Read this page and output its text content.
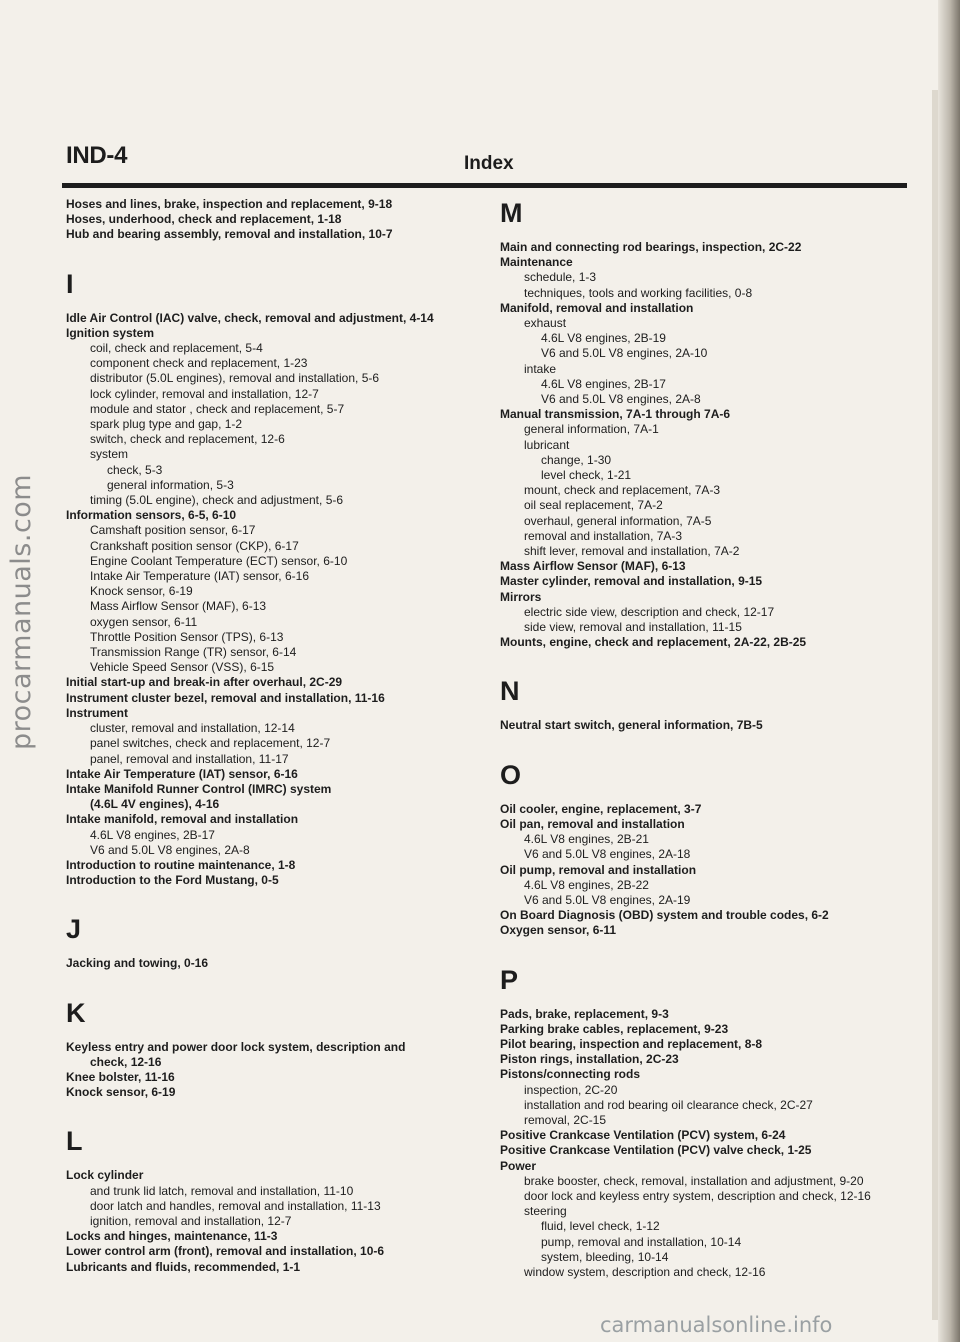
procarmanuals.com
carmanualsonline.info
IND-4	Index
Hoses and lines, brake, inspection and replacement, 9-18
Hoses, underhood, check and replacement, 1-18
Hub and bearing assembly, removal and installation, 10-7
I
Idle Air Control (IAC) valve, check, removal and adjustment, 4-14
Ignition system
coil, check and replacement, 5-4
component check and replacement, 1-23
distributor (5.0L engines), removal and installation, 5-6
lock cylinder, removal and installation, 12-7
module and stator , check and replacement, 5-7
spark plug type and gap, 1-2
switch, check and replacement, 12-6
system
check, 5-3
general information, 5-3
timing (5.0L engine), check and adjustment, 5-6
Information sensors, 6-5, 6-10
Camshaft position sensor, 6-17
Crankshaft position sensor (CKP), 6-17
Engine Coolant Temperature (ECT) sensor, 6-10
Intake Air Temperature (IAT) sensor, 6-16
Knock sensor, 6-19
Mass Airflow Sensor (MAF), 6-13
oxygen sensor, 6-11
Throttle Position Sensor (TPS), 6-13
Transmission Range (TR) sensor, 6-14
Vehicle Speed Sensor (VSS), 6-15
Initial start-up and break-in after overhaul, 2C-29
Instrument cluster bezel, removal and installation, 11-16
Instrument
cluster, removal and installation, 12-14
panel switches, check and replacement, 12-7
panel, removal and installation, 11-17
Intake Air Temperature (IAT) sensor, 6-16
Intake Manifold Runner Control (IMRC) system
(4.6L 4V engines), 4-16
Intake manifold, removal and installation
4.6L V8 engines, 2B-17
V6 and 5.0L V8 engines, 2A-8
Introduction to routine maintenance, 1-8
Introduction to the Ford Mustang, 0-5
J
Jacking and towing, 0-16
K
Keyless entry and power door lock system, description and
check, 12-16
Knee bolster, 11-16
Knock sensor, 6-19
L
Lock cylinder
and trunk lid latch, removal and installation, 11-10
door latch and handles, removal and installation, 11-13
ignition, removal and installation, 12-7
Locks and hinges, maintenance, 11-3
Lower control arm (front), removal and installation, 10-6
Lubricants and fluids, recommended, 1-1
M
Main and connecting rod bearings, inspection, 2C-22
Maintenance
schedule, 1-3
techniques, tools and working facilities, 0-8
Manifold, removal and installation
exhaust
4.6L V8 engines, 2B-19
V6 and 5.0L V8 engines, 2A-10
intake
4.6L V8 engines, 2B-17
V6 and 5.0L V8 engines, 2A-8
Manual transmission, 7A-1 through 7A-6
general information, 7A-1
lubricant
change, 1-30
level check, 1-21
mount, check and replacement, 7A-3
oil seal replacement, 7A-2
overhaul, general information, 7A-5
removal and installation, 7A-3
shift lever, removal and installation, 7A-2
Mass Airflow Sensor (MAF), 6-13
Master cylinder, removal and installation, 9-15
Mirrors
electric side view, description and check, 12-17
side view, removal and installation, 11-15
Mounts, engine, check and replacement, 2A-22, 2B-25
N
Neutral start switch, general information, 7B-5
O
Oil cooler, engine, replacement, 3-7
Oil pan, removal and installation
4.6L V8 engines, 2B-21
V6 and 5.0L V8 engines, 2A-18
Oil pump, removal and installation
4.6L V8 engines, 2B-22
V6 and 5.0L V8 engines, 2A-19
On Board Diagnosis (OBD) system and trouble codes, 6-2
Oxygen sensor, 6-11
P
Pads, brake, replacement, 9-3
Parking brake cables, replacement, 9-23
Pilot bearing, inspection and replacement, 8-8
Piston rings, installation, 2C-23
Pistons/connecting rods
inspection, 2C-20
installation and rod bearing oil clearance check, 2C-27
removal, 2C-15
Positive Crankcase Ventilation (PCV) system, 6-24
Positive Crankcase Ventilation (PCV) valve check, 1-25
Power
brake booster, check, removal, installation and adjustment, 9-20
door lock and keyless entry system, description and check, 12-16
steering
fluid, level check, 1-12
pump, removal and installation, 10-14
system, bleeding, 10-14
window system, description and check, 12-16
